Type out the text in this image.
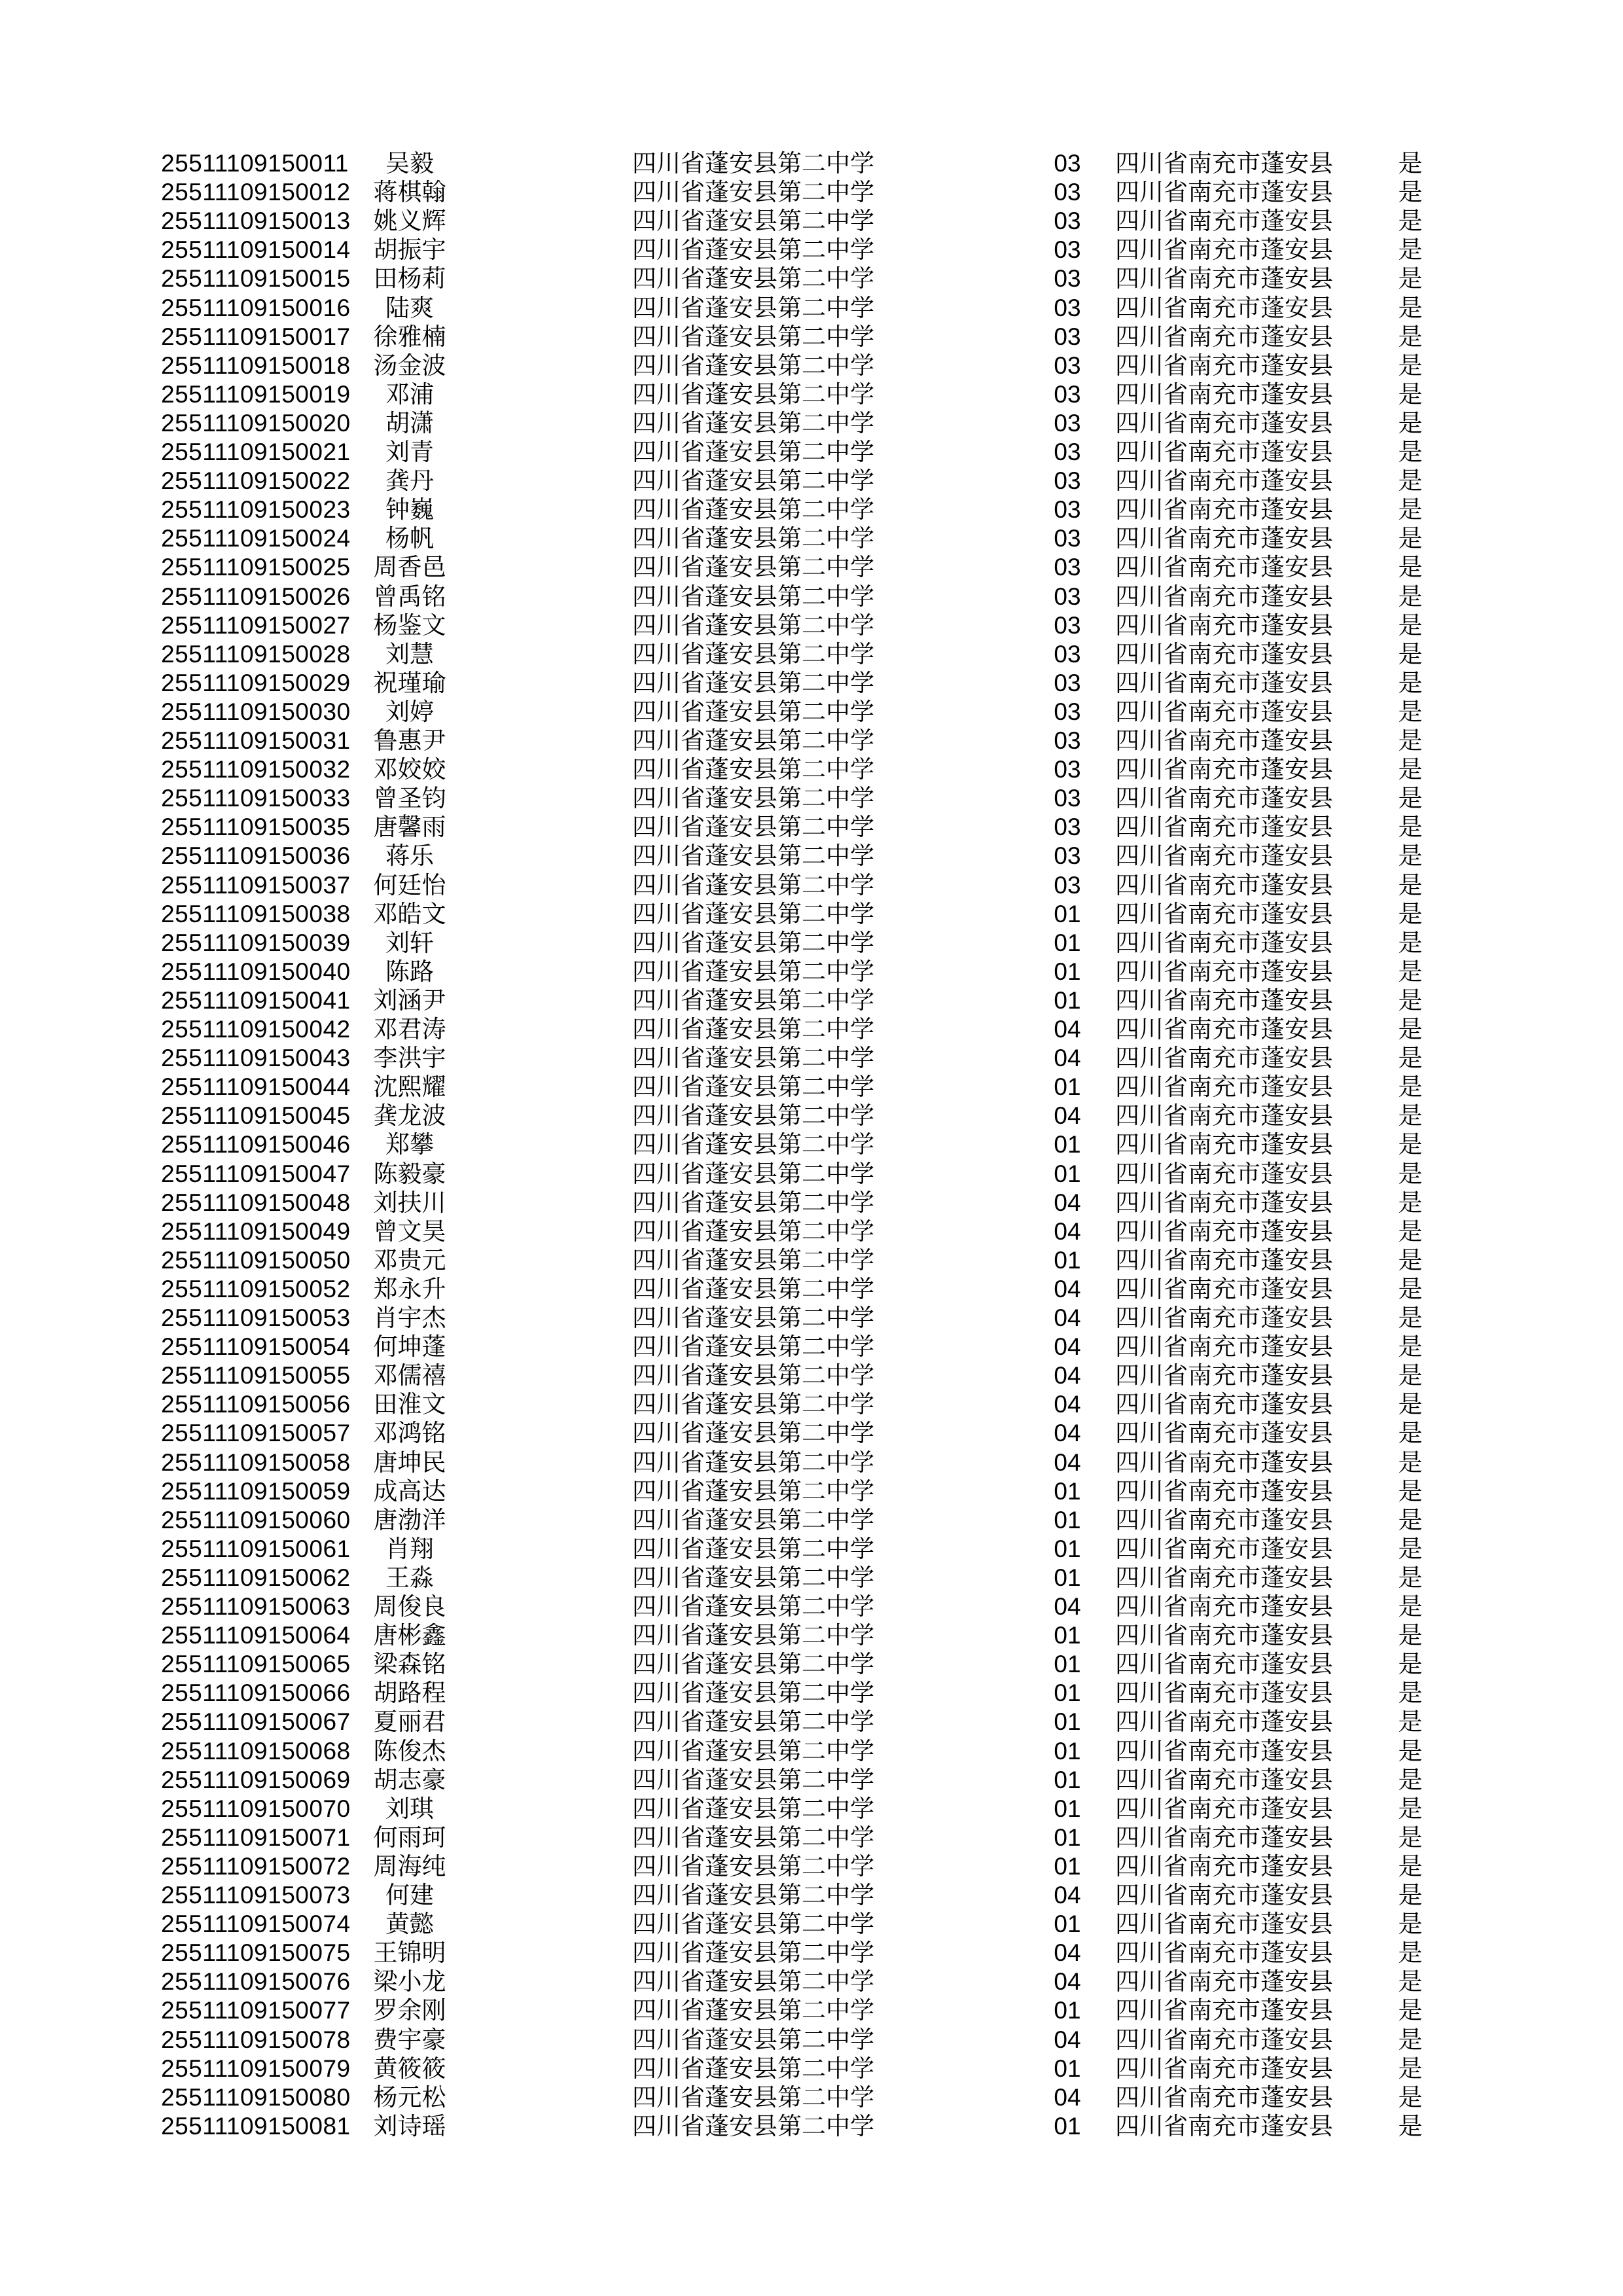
25511109150011	吴毅	四川省蓬安县第二中学	03	四川省南充市蓬安县	是
25511109150012 蒋棋翰	四川省蓬安县第二中学	03	四川省南充市蓬安县	是
25511109150013 姚义辉	四川省蓬安县第二中学	03	四川省南充市蓬安县	是
25511109150014 胡振宇	四川省蓬安县第二中学	03	四川省南充市蓬安县	是
25511109150015 田杨莉	四川省蓬安县第二中学	03	四川省南充市蓬安县	是
25511109150016	陆爽	四川省蓬安县第二中学	03	四川省南充市蓬安县	是
25511109150017 徐雅楠	四川省蓬安县第二中学	03	四川省南充市蓬安县	是
25511109150018 汤金波	四川省蓬安县第二中学	03	四川省南充市蓬安县	是
25511109150019	邓浦	四川省蓬安县第二中学	03	四川省南充市蓬安县	是
25511109150020	胡潇	四川省蓬安县第二中学	03	四川省南充市蓬安县	是
25511109150021	刘青	四川省蓬安县第二中学	03	四川省南充市蓬安县	是
25511109150022	龚丹	四川省蓬安县第二中学	03	四川省南充市蓬安县	是
25511109150023	钟巍	四川省蓬安县第二中学	03	四川省南充市蓬安县	是
25511109150024	杨帆	四川省蓬安县第二中学	03	四川省南充市蓬安县	是
25511109150025 周香邑	四川省蓬安县第二中学	03	四川省南充市蓬安县	是
25511109150026 曾禹铭	四川省蓬安县第二中学	03	四川省南充市蓬安县	是
25511109150027 杨鉴文	四川省蓬安县第二中学	03	四川省南充市蓬安县	是
25511109150028	刘慧	四川省蓬安县第二中学	03	四川省南充市蓬安县	是
25511109150029 祝瑾瑜	四川省蓬安县第二中学	03	四川省南充市蓬安县	是
25511109150030	刘婷	四川省蓬安县第二中学	03	四川省南充市蓬安县	是
25511109150031 鲁惠尹	四川省蓬安县第二中学	03	四川省南充市蓬安县	是
25511109150032 邓姣姣	四川省蓬安县第二中学	03	四川省南充市蓬安县	是
25511109150033 曾圣钧	四川省蓬安县第二中学	03	四川省南充市蓬安县	是
25511109150035 唐馨雨	四川省蓬安县第二中学	03	四川省南充市蓬安县	是
25511109150036	蒋乐	四川省蓬安县第二中学	03	四川省南充市蓬安县	是
25511109150037 何廷怡	四川省蓬安县第二中学	03	四川省南充市蓬安县	是
25511109150038 邓皓文	四川省蓬安县第二中学	01	四川省南充市蓬安县	是
25511109150039	刘轩	四川省蓬安县第二中学	01	四川省南充市蓬安县	是
25511109150040	陈路	四川省蓬安县第二中学	01	四川省南充市蓬安县	是
25511109150041 刘涵尹	四川省蓬安县第二中学	01	四川省南充市蓬安县	是
25511109150042 邓君涛	四川省蓬安县第二中学	04	四川省南充市蓬安县	是
25511109150043 李洪宇	四川省蓬安县第二中学	04	四川省南充市蓬安县	是
25511109150044 沈熙耀	四川省蓬安县第二中学	01	四川省南充市蓬安县	是
25511109150045 龚龙波	四川省蓬安县第二中学	04	四川省南充市蓬安县	是
25511109150046	郑攀	四川省蓬安县第二中学	01	四川省南充市蓬安县	是
25511109150047 陈毅豪	四川省蓬安县第二中学	01	四川省南充市蓬安县	是
25511109150048 刘扶川	四川省蓬安县第二中学	04	四川省南充市蓬安县	是
25511109150049 曾文昊	四川省蓬安县第二中学	04	四川省南充市蓬安县	是
25511109150050 邓贵元	四川省蓬安县第二中学	01	四川省南充市蓬安县	是
25511109150052 郑永升	四川省蓬安县第二中学	04	四川省南充市蓬安县	是
25511109150053 肖宇杰	四川省蓬安县第二中学	04	四川省南充市蓬安县	是
25511109150054 何坤蓬	四川省蓬安县第二中学	04	四川省南充市蓬安县	是
25511109150055 邓儒禧	四川省蓬安县第二中学	04	四川省南充市蓬安县	是
25511109150056 田淮文	四川省蓬安县第二中学	04	四川省南充市蓬安县	是
25511109150057 邓鸿铭	四川省蓬安县第二中学	04	四川省南充市蓬安县	是
25511109150058 唐坤民	四川省蓬安县第二中学	04	四川省南充市蓬安县	是
25511109150059 成高达	四川省蓬安县第二中学	01	四川省南充市蓬安县	是
25511109150060 唐渤洋	四川省蓬安县第二中学	01	四川省南充市蓬安县	是
25511109150061	肖翔	四川省蓬安县第二中学	01	四川省南充市蓬安县	是
25511109150062	王淼	四川省蓬安县第二中学	01	四川省南充市蓬安县	是
25511109150063 周俊良	四川省蓬安县第二中学	04	四川省南充市蓬安县	是
25511109150064 唐彬鑫	四川省蓬安县第二中学	01	四川省南充市蓬安县	是
25511109150065 梁森铭	四川省蓬安县第二中学	01	四川省南充市蓬安县	是
25511109150066 胡路程	四川省蓬安县第二中学	01	四川省南充市蓬安县	是
25511109150067 夏丽君	四川省蓬安县第二中学	01	四川省南充市蓬安县	是
25511109150068 陈俊杰	四川省蓬安县第二中学	01	四川省南充市蓬安县	是
25511109150069 胡志豪	四川省蓬安县第二中学	01	四川省南充市蓬安县	是
25511109150070	刘琪	四川省蓬安县第二中学	01	四川省南充市蓬安县	是
25511109150071 何雨珂	四川省蓬安县第二中学	01	四川省南充市蓬安县	是
25511109150072 周海纯	四川省蓬安县第二中学	01	四川省南充市蓬安县	是
25511109150073	何建	四川省蓬安县第二中学	04	四川省南充市蓬安县	是
25511109150074	黄懿	四川省蓬安县第二中学	01	四川省南充市蓬安县	是
25511109150075 王锦明	四川省蓬安县第二中学	04	四川省南充市蓬安县	是
25511109150076 梁小龙	四川省蓬安县第二中学	04	四川省南充市蓬安县	是
25511109150077 罗余刚	四川省蓬安县第二中学	01	四川省南充市蓬安县	是
25511109150078 费宇豪	四川省蓬安县第二中学	04	四川省南充市蓬安县	是
25511109150079 黄筱筱	四川省蓬安县第二中学	01	四川省南充市蓬安县	是
25511109150080 杨元松	四川省蓬安县第二中学	04	四川省南充市蓬安县	是
25511109150081 刘诗瑶	四川省蓬安县第二中学	01	四川省南充市蓬安县	是
